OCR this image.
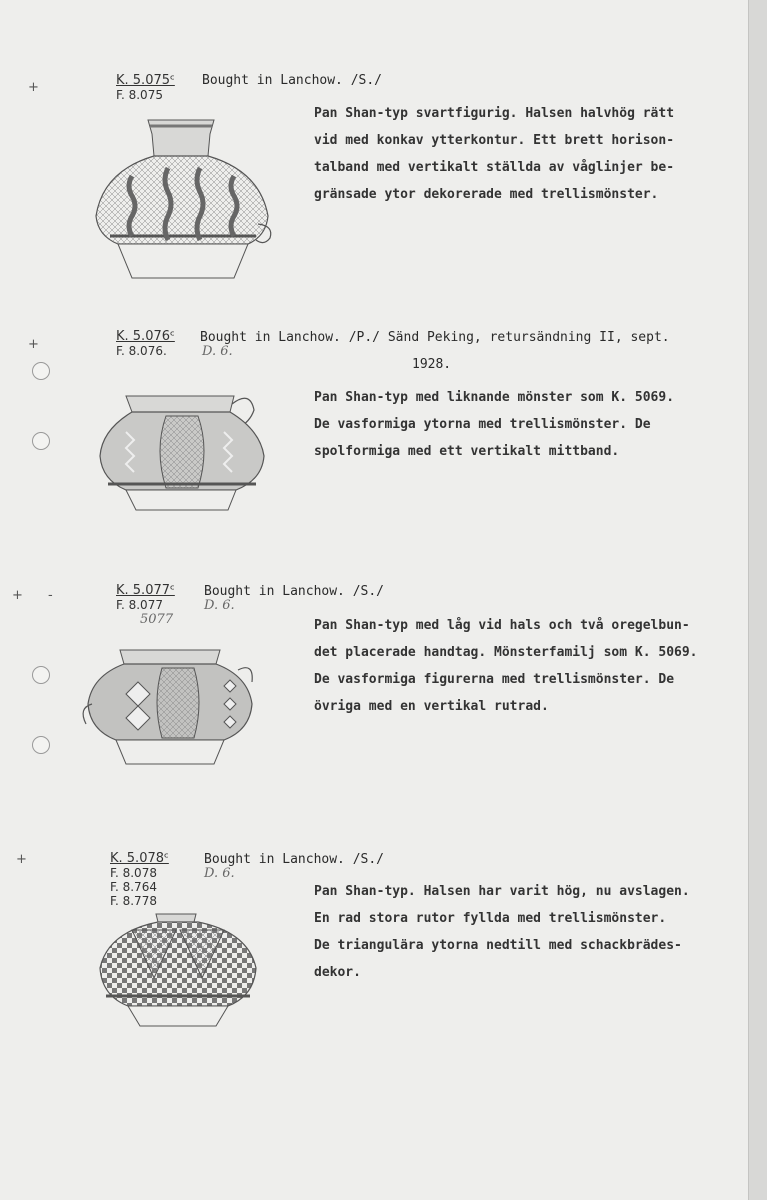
+
+
+ -
+
K. 5.075ᶜ
F. 8.075
Bought in Lanchow. /S./
Pan Shan-typ svartfigurig. Halsen halvhög rätt
vid med konkav ytterkontur. Ett brett horison-
talband med vertikalt ställda av våglinjer be-
gränsade ytor dekorerade med trellismönster.
K. 5.076ᶜ
F. 8.076.	D. 6.
Bought in Lanchow. /P./ Sänd Peking, retursändning II, sept.
1928.
Pan Shan-typ med liknande mönster som K. 5069.
De vasformiga ytorna med trellismönster. De
spolformiga med ett vertikalt mittband.
K. 5.077ᶜ
F. 8.077	D. 6.
5077
Bought in Lanchow. /S./
Pan Shan-typ med låg vid hals och två oregelbun-
det placerade handtag. Mönsterfamilj som K. 5069.
De vasformiga figurerna med trellismönster. De
övriga med en vertikal rutrad.
K. 5.078ᶜ
F. 8.078
F. 8.764
F. 8.778
D. 6.
Bought in Lanchow. /S./
Pan Shan-typ. Halsen har varit hög, nu avslagen.
En rad stora rutor fyllda med trellismönster.
De triangulära ytorna nedtill med schackbrädes-
dekor.
